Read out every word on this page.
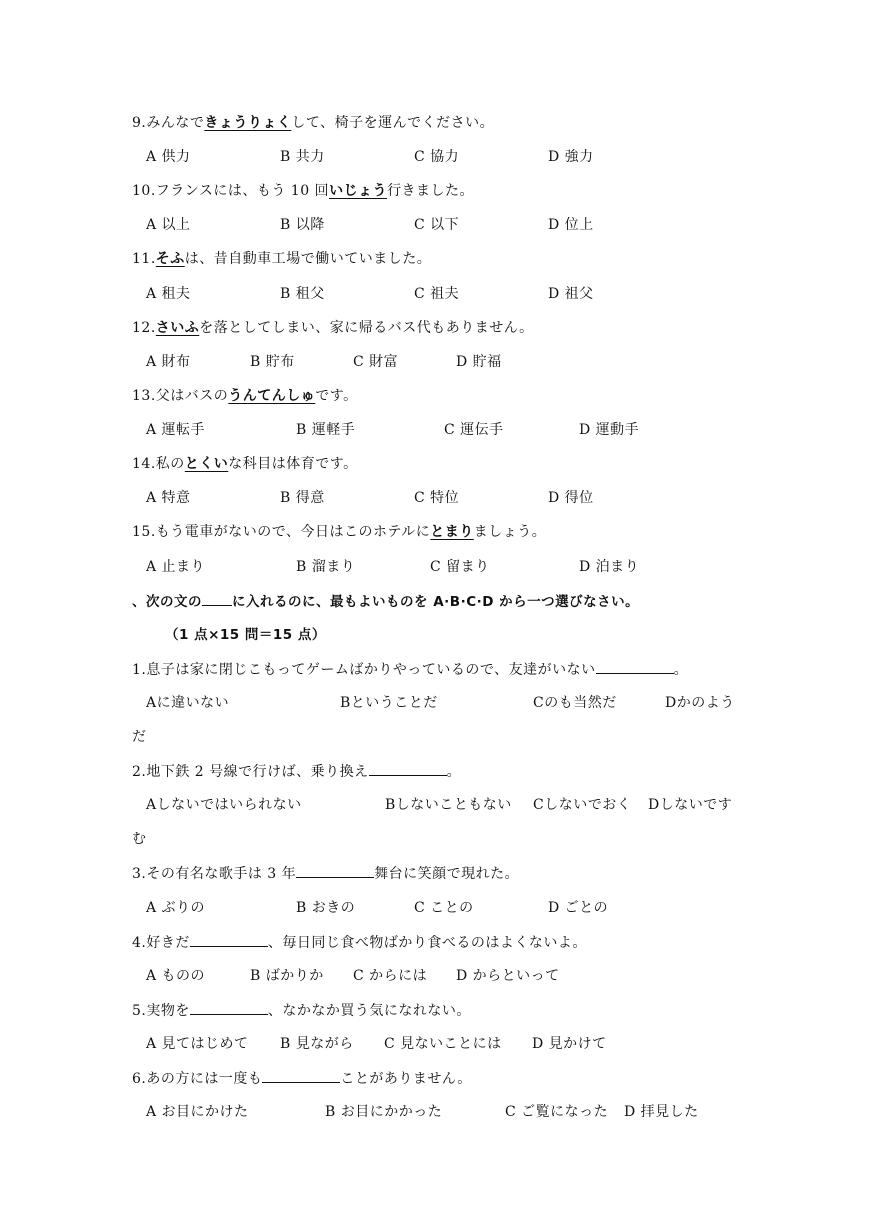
9.みんなできょうりょくして、椅子を運んでください。
A 供力	B 共力	C 協力	D 強力
10.フランスには、もう 10 回いじょう行きました。
A 以上	B 以降	C 以下	D 位上
11.そふは、昔自動車工場で働いていました。
A 租夫	B 租父	C 祖夫	D 祖父
12.さいふを落としてしまい、家に帰るバス代もありません。
A 財布	B 貯布	C 財富	D 貯福
13.父はバスのうんてんしゅです。
A 運転手	B 運軽手	C 運伝手	D 運動手
14.私のとくいな科目は体育です。
A 特意	B 得意	C 特位	D 得位
15.もう電車がないので、今日はこのホテルにとまりましょう。
A 止まり	B 溜まり	C 留まり	D 泊まり
、次の文の に入れるのに、最もよいものを A·B·C·D から一つ選びなさい。
（1 点×15 問＝15 点）
1.息子は家に閉じこもってゲームばかりやっているので、友達がいない	。
Aに違いない	Bということだ	Cのも当然だ	Dかのよう
だ
2.地下鉄 2 号線で行けば、乗り換え	。
Aしないではいられない	Bしないこともない Cしないでおく Dしないです
む
3.その有名な歌手は 3 年	舞台に笑顔で現れた。
A ぶりの	B おきの	C ことの	D ごとの
4.好きだ	、毎日同じ食べ物ばかり食べるのはよくないよ。
A ものの	B ばかりか C からには D からといって
5.実物を	、なかなか買う気になれない。
A 見てはじめて B 見ながら C 見ないことには D 見かけて
6.あの方には一度も	ことがありません。
A お目にかけた	B お目にかかった	C ご覧になった D 拝見した
